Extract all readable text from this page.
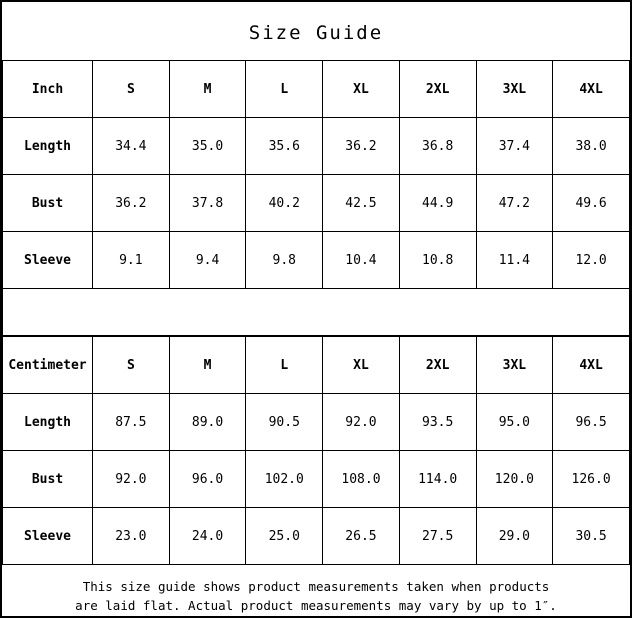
Size Guide
Inch	S	M	L	XL	2XL	3XL	4XL
Length	34.4	35.0	35.6	36.2	36.8	37.4	38.0
Bust	36.2	37.8	40.2	42.5	44.9	47.2	49.6
Sleeve	9.1	9.4	9.8	10.4	10.8	11.4	12.0
Centimeter	S	M	L	XL	2XL	3XL	4XL
Length	87.5	89.0	90.5	92.0	93.5	95.0	96.5
Bust	92.0	96.0	102.0	108.0	114.0	120.0	126.0
Sleeve	23.0	24.0	25.0	26.5	27.5	29.0	30.5
This size guide shows product measurements taken when products
are laid flat. Actual product measurements may vary by up to 1″.
